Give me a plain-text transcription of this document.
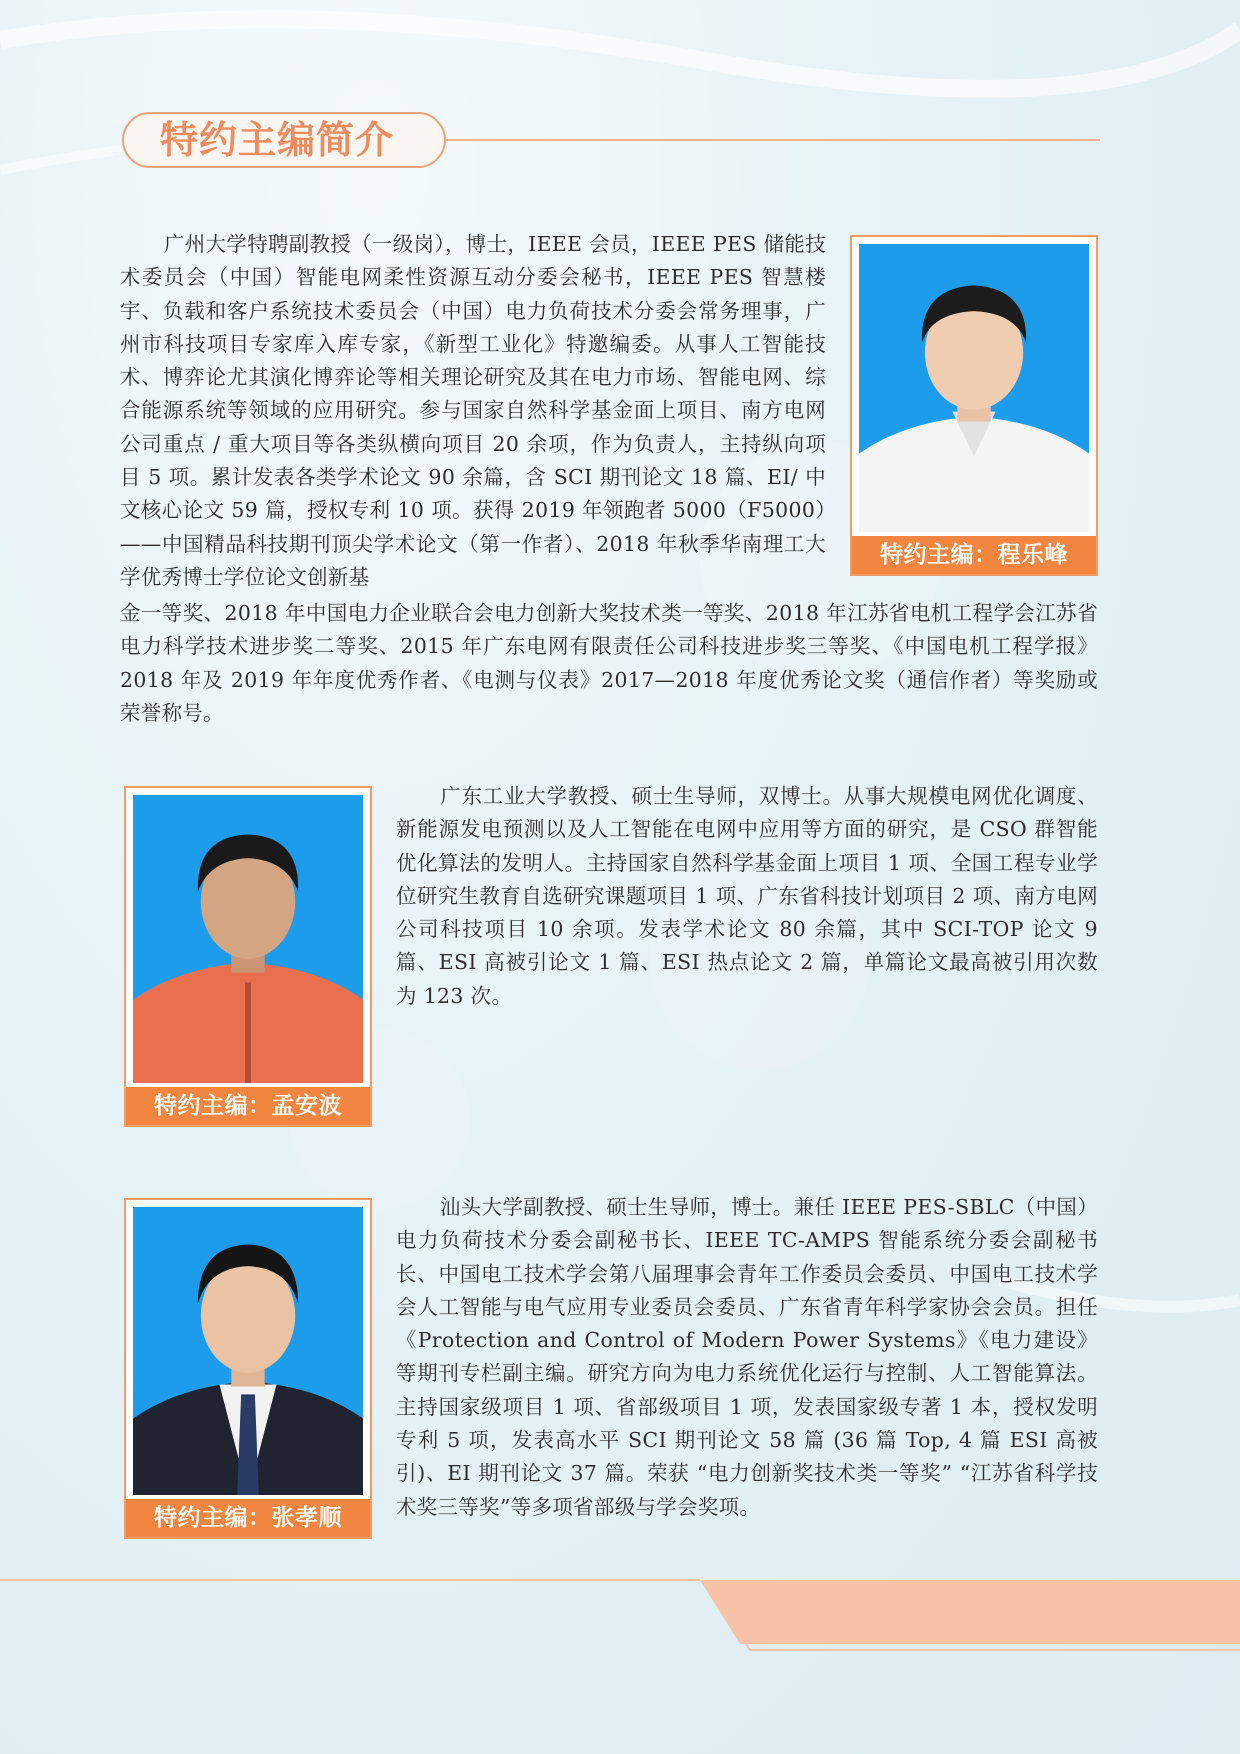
特约主编简介

广州大学特聘副教授（一级岗），博士，IEEE 会员，IEEE PES 储能技术委员会（中国）智能电网柔性资源互动分委会秘书，IEEE PES 智慧楼宇、负载和客户系统技术委员会（中国）电力负荷技术分委会常务理事，广州市科技项目专家库入库专家，《新型工业化》特邀编委。从事人工智能技术、博弈论尤其演化博弈论等相关理论研究及其在电力市场、智能电网、综合能源系统等领域的应用研究。参与国家自然科学基金面上项目、南方电网公司重点 / 重大项目等各类纵横向项目 20 余项，作为负责人，主持纵向项目 5 项。累计发表各类学术论文 90 余篇，含 SCI 期刊论文 18 篇、EI/ 中文核心论文 59 篇，授权专利 10 项。获得 2019 年领跑者 5000（F5000）——中国精品科技期刊顶尖学术论文（第一作者）、2018 年秋季华南理工大学优秀博士学位论文创新基

金一等奖、2018 年中国电力企业联合会电力创新大奖技术类一等奖、2018 年江苏省电机工程学会江苏省电力科学技术进步奖二等奖、2015 年广东电网有限责任公司科技进步奖三等奖、《中国电机工程学报》2018 年及 2019 年年度优秀作者、《电测与仪表》2017—2018 年度优秀论文奖（通信作者）等奖励或荣誉称号。

特约主编：程乐峰
特约主编：孟安波

广东工业大学教授、硕士生导师，双博士。从事大规模电网优化调度、新能源发电预测以及人工智能在电网中应用等方面的研究，是 CSO 群智能优化算法的发明人。主持国家自然科学基金面上项目 1 项、全国工程专业学位研究生教育自选研究课题项目 1 项、广东省科技计划项目 2 项、南方电网公司科技项目 10 余项。发表学术论文 80 余篇，其中 SCI-TOP 论文 9 篇、ESI 高被引论文 1 篇、ESI 热点论文 2 篇，单篇论文最高被引用次数为 123 次。

特约主编：张孝顺

汕头大学副教授、硕士生导师，博士。兼任 IEEE PES-SBLC（中国）电力负荷技术分委会副秘书长、IEEE TC-AMPS 智能系统分委会副秘书长、中国电工技术学会第八届理事会青年工作委员会委员、中国电工技术学会人工智能与电气应用专业委员会委员、广东省青年科学家协会会员。担任《Protection and Control of Modern Power Systems》《电力建设》等期刊专栏副主编。研究方向为电力系统优化运行与控制、人工智能算法。主持国家级项目 1 项、省部级项目 1 项，发表国家级专著 1 本，授权发明专利 5 项，发表高水平 SCI 期刊论文 58 篇 (36 篇 Top, 4 篇 ESI 高被引)、EI 期刊论文 37 篇。荣获 “电力创新奖技术类一等奖” “江苏省科学技术奖三等奖”等多项省部级与学会奖项。
